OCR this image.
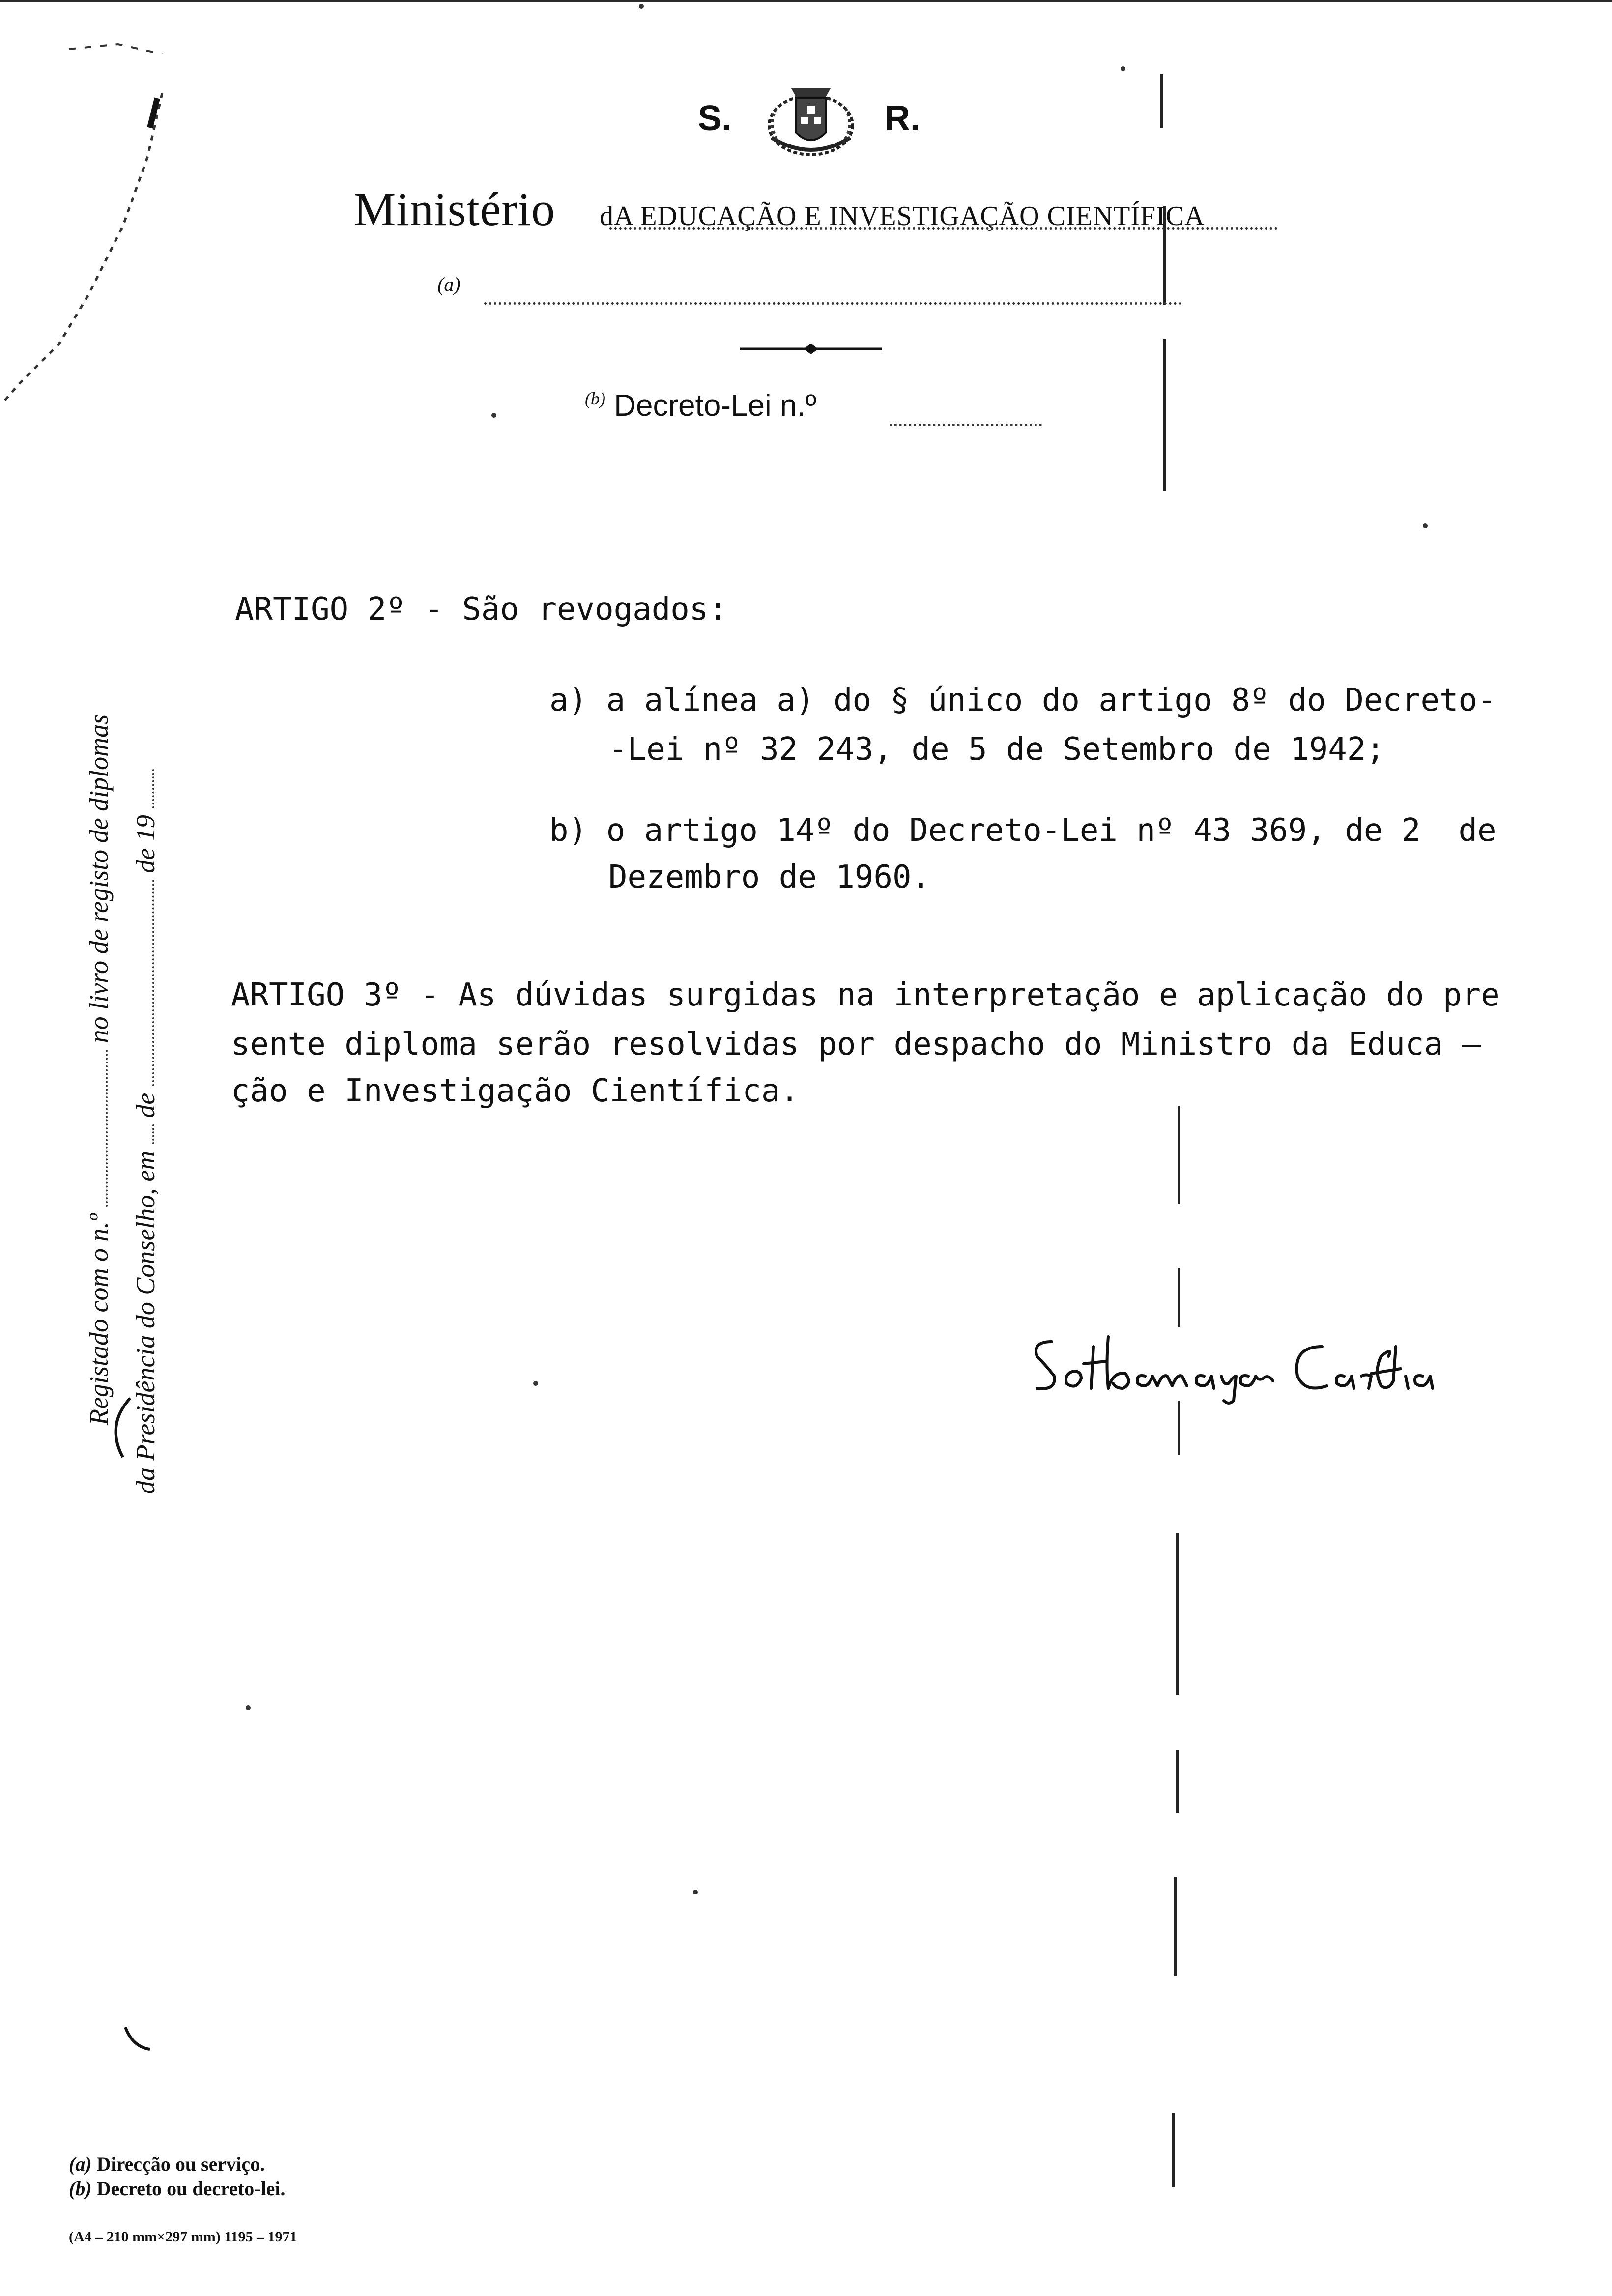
S.	R.
Ministério dA EDUCAÇÃO E INVESTIGAÇÃO CIENTÍFICA
(a)
$^{(b)}$ Decreto-Lei n.º
Registado com o n.º  no livro de registo de diplomas
da Presidência do Conselho, em  de  de 19
ARTIGO 2º - São revogados:
a) a alínea a) do § único do artigo 8º do Decreto-
-Lei nº 32 243, de 5 de Setembro de 1942;
b) o artigo 14º do Decreto-Lei nº 43 369, de 2  de
Dezembro de 1960.
ARTIGO 3º - As dúvidas surgidas na interpretação e aplicação do pre
sente diploma serão resolvidas por despacho do Ministro da Educa –
ção e Investigação Científica.
(a) Direcção ou serviço.
(b) Decreto ou decreto-lei.
(A4 – 210 mm×297 mm) 1195 – 1971
